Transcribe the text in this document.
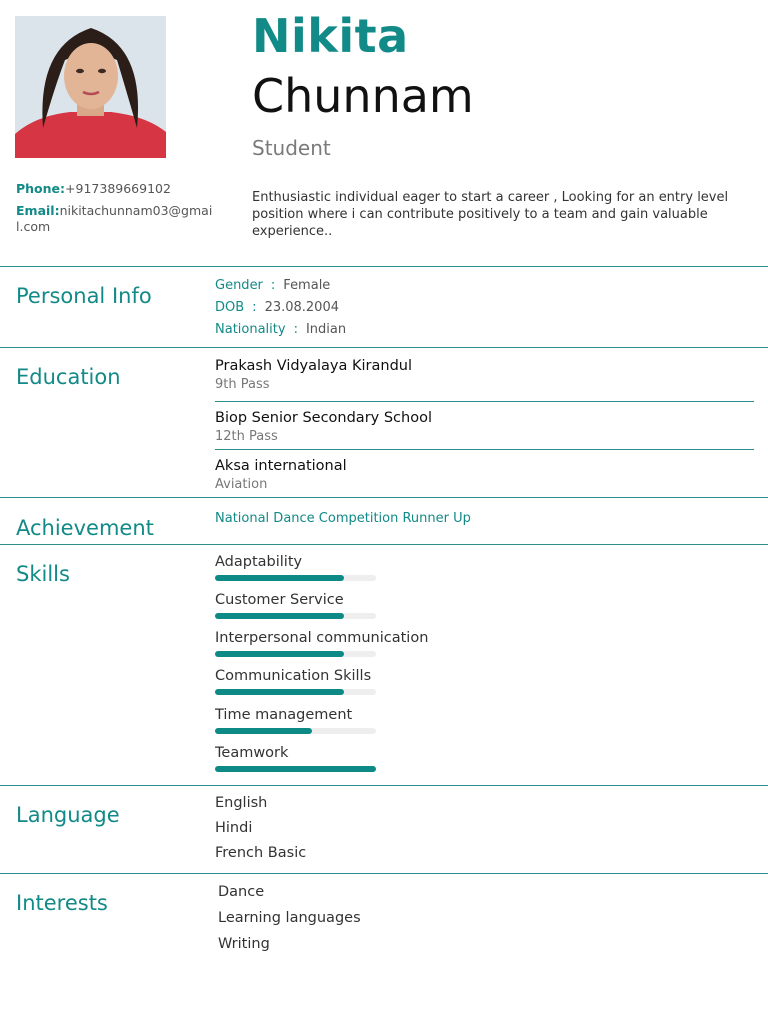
Nikita
Chunnam
Student
Phone:+917389669102
Email:nikitachunnam03@gmail.com
Enthusiastic individual eager to start a career , Looking for an entry level position where i can contribute positively to a team and gain valuable experience..
Personal Info	Gender : Female
DOB : 23.08.2004
Nationality : Indian
Education	Prakash Vidyalaya Kirandul
9th Pass
Biop Senior Secondary School
12th Pass
Aksa international
Aviation
Achievement	National Dance Competition Runner Up
Skills	Adaptability
Customer Service
Interpersonal communication
Communication Skills
Time management
Teamwork
Language	English
Hindi
French Basic
Interests	Dance
Learning languages
Writing
